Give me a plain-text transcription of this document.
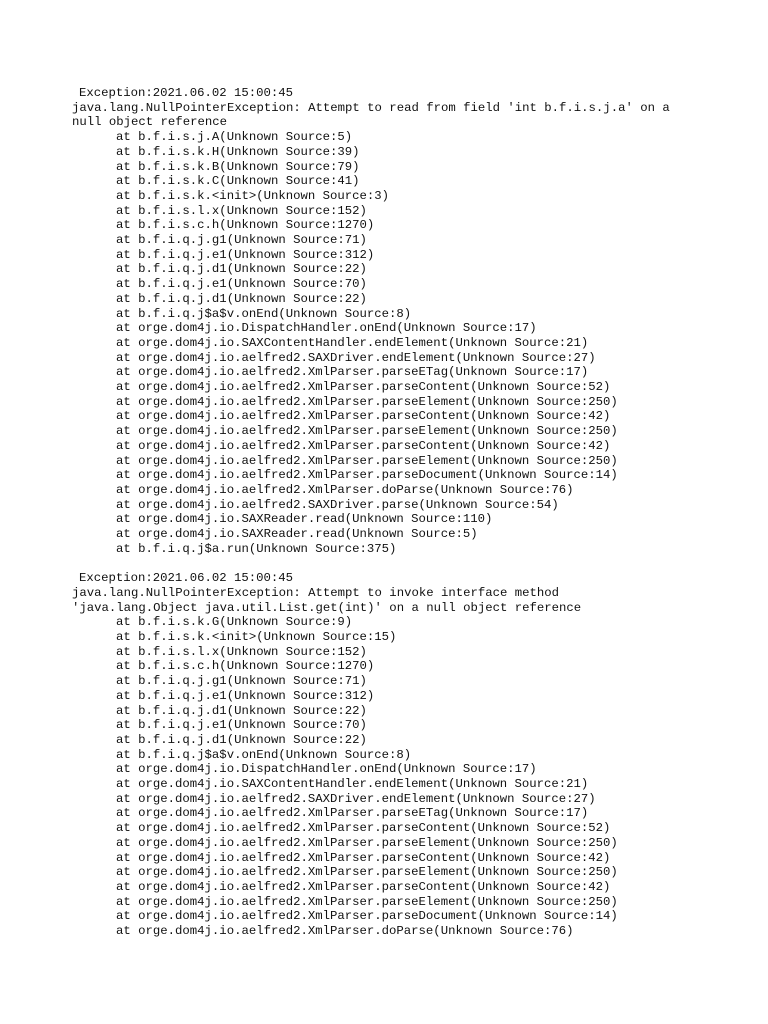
Exception:2021.06.02 15:00:45
java.lang.NullPointerException: Attempt to read from field 'int b.f.i.s.j.a' on a
null object reference
at b.f.i.s.j.A(Unknown Source:5)
at b.f.i.s.k.H(Unknown Source:39)
at b.f.i.s.k.B(Unknown Source:79)
at b.f.i.s.k.C(Unknown Source:41)
at b.f.i.s.k.<init>(Unknown Source:3)
at b.f.i.s.l.x(Unknown Source:152)
at b.f.i.s.c.h(Unknown Source:1270)
at b.f.i.q.j.g1(Unknown Source:71)
at b.f.i.q.j.e1(Unknown Source:312)
at b.f.i.q.j.d1(Unknown Source:22)
at b.f.i.q.j.e1(Unknown Source:70)
at b.f.i.q.j.d1(Unknown Source:22)
at b.f.i.q.j$a$v.onEnd(Unknown Source:8)
at orge.dom4j.io.DispatchHandler.onEnd(Unknown Source:17)
at orge.dom4j.io.SAXContentHandler.endElement(Unknown Source:21)
at orge.dom4j.io.aelfred2.SAXDriver.endElement(Unknown Source:27)
at orge.dom4j.io.aelfred2.XmlParser.parseETag(Unknown Source:17)
at orge.dom4j.io.aelfred2.XmlParser.parseContent(Unknown Source:52)
at orge.dom4j.io.aelfred2.XmlParser.parseElement(Unknown Source:250)
at orge.dom4j.io.aelfred2.XmlParser.parseContent(Unknown Source:42)
at orge.dom4j.io.aelfred2.XmlParser.parseElement(Unknown Source:250)
at orge.dom4j.io.aelfred2.XmlParser.parseContent(Unknown Source:42)
at orge.dom4j.io.aelfred2.XmlParser.parseElement(Unknown Source:250)
at orge.dom4j.io.aelfred2.XmlParser.parseDocument(Unknown Source:14)
at orge.dom4j.io.aelfred2.XmlParser.doParse(Unknown Source:76)
at orge.dom4j.io.aelfred2.SAXDriver.parse(Unknown Source:54)
at orge.dom4j.io.SAXReader.read(Unknown Source:110)
at orge.dom4j.io.SAXReader.read(Unknown Source:5)
at b.f.i.q.j$a.run(Unknown Source:375)
Exception:2021.06.02 15:00:45
java.lang.NullPointerException: Attempt to invoke interface method
'java.lang.Object java.util.List.get(int)' on a null object reference
at b.f.i.s.k.G(Unknown Source:9)
at b.f.i.s.k.<init>(Unknown Source:15)
at b.f.i.s.l.x(Unknown Source:152)
at b.f.i.s.c.h(Unknown Source:1270)
at b.f.i.q.j.g1(Unknown Source:71)
at b.f.i.q.j.e1(Unknown Source:312)
at b.f.i.q.j.d1(Unknown Source:22)
at b.f.i.q.j.e1(Unknown Source:70)
at b.f.i.q.j.d1(Unknown Source:22)
at b.f.i.q.j$a$v.onEnd(Unknown Source:8)
at orge.dom4j.io.DispatchHandler.onEnd(Unknown Source:17)
at orge.dom4j.io.SAXContentHandler.endElement(Unknown Source:21)
at orge.dom4j.io.aelfred2.SAXDriver.endElement(Unknown Source:27)
at orge.dom4j.io.aelfred2.XmlParser.parseETag(Unknown Source:17)
at orge.dom4j.io.aelfred2.XmlParser.parseContent(Unknown Source:52)
at orge.dom4j.io.aelfred2.XmlParser.parseElement(Unknown Source:250)
at orge.dom4j.io.aelfred2.XmlParser.parseContent(Unknown Source:42)
at orge.dom4j.io.aelfred2.XmlParser.parseElement(Unknown Source:250)
at orge.dom4j.io.aelfred2.XmlParser.parseContent(Unknown Source:42)
at orge.dom4j.io.aelfred2.XmlParser.parseElement(Unknown Source:250)
at orge.dom4j.io.aelfred2.XmlParser.parseDocument(Unknown Source:14)
at orge.dom4j.io.aelfred2.XmlParser.doParse(Unknown Source:76)
